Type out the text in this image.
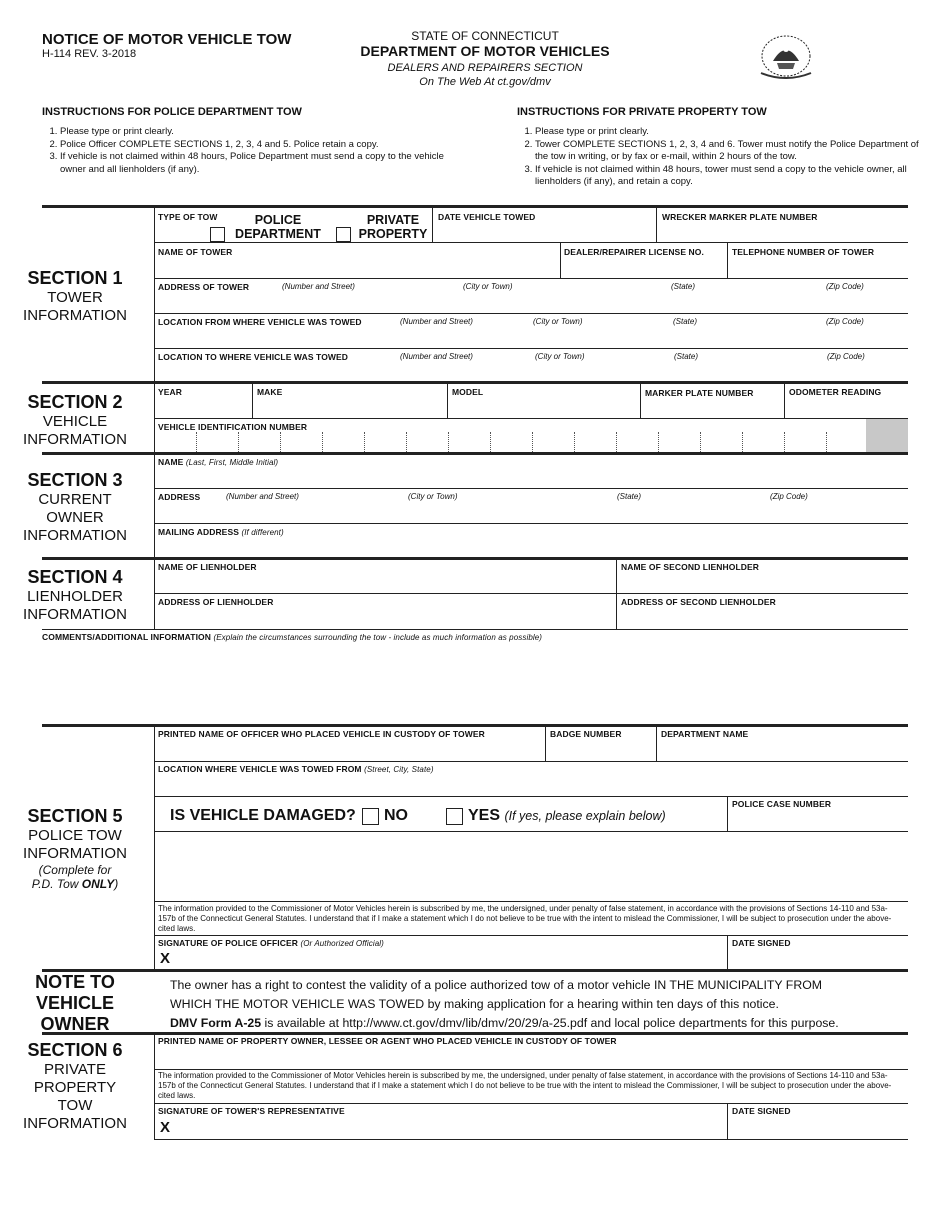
NOTICE OF MOTOR VEHICLE TOW
H-114 REV. 3-2018
STATE OF CONNECTICUT
DEPARTMENT OF MOTOR VEHICLES
DEALERS AND REPAIRERS SECTION
On The Web At ct.gov/dmv
INSTRUCTIONS FOR POLICE DEPARTMENT TOW
1. Please type or print clearly.
2. Police Officer COMPLETE SECTIONS 1, 2, 3, 4 and 5. Police retain a copy.
3. If vehicle is not claimed within 48 hours, Police Department must send a copy to the vehicle owner and all lienholders (if any).
INSTRUCTIONS FOR PRIVATE PROPERTY TOW
1. Please type or print clearly.
2. Tower COMPLETE SECTIONS 1, 2, 3, 4 and 6. Tower must notify the Police Department of the tow in writing, or by fax or e-mail, within 2 hours of the tow.
3. If vehicle is not claimed within 48 hours, tower must send a copy to the vehicle owner, all lienholders (if any), and retain a copy.
SECTION 1
TOWER
INFORMATION
TYPE OF TOW	POLICE
DEPARTMENT
PRIVATE
PROPERTY
DATE VEHICLE TOWED	WRECKER MARKER PLATE NUMBER
NAME OF TOWER	DEALER/REPAIRER LICENSE NO.	TELEPHONE NUMBER OF TOWER
ADDRESS OF TOWER	(Number and Street)	(City or Town)	(State)	(Zip Code)
LOCATION FROM WHERE VEHICLE WAS TOWED	(Number and Street)	(City or Town)	(State)	(Zip Code)
LOCATION TO WHERE VEHICLE WAS TOWED	(Number and Street)	(City or Town)	(State)	(Zip Code)
SECTION 2
VEHICLE
INFORMATION
YEAR	MAKE	MODEL	MARKER PLATE NUMBER	ODOMETER READING
VEHICLE IDENTIFICATION NUMBER
SECTION 3
CURRENT
OWNER
INFORMATION
NAME (Last, First, Middle Initial)
ADDRESS	(Number and Street)	(City or Town)	(State)	(Zip Code)
MAILING ADDRESS (If different)
SECTION 4
LIENHOLDER
INFORMATION
NAME OF LIENHOLDER	NAME OF SECOND LIENHOLDER
ADDRESS OF LIENHOLDER	ADDRESS OF SECOND LIENHOLDER
COMMENTS/ADDITIONAL INFORMATION (Explain the circumstances surrounding the tow - include as much information as possible)
SECTION 5
POLICE TOW
INFORMATION
(Complete for
P.D. Tow ONLY)
PRINTED NAME OF OFFICER WHO PLACED VEHICLE IN CUSTODY OF TOWER	BADGE NUMBER	DEPARTMENT NAME
LOCATION WHERE VEHICLE WAS TOWED FROM (Street, City, State)
IS VEHICLE DAMAGED? NO	YES (If yes, please explain below)
POLICE CASE NUMBER
The information provided to the Commissioner of Motor Vehicles herein is subscribed by me, the undersigned, under penalty of false statement, in accordance with the provisions of Sections 14-110 and 53a-157b of the Connecticut General Statutes. I understand that if I make a statement which I do not believe to be true with the intent to mislead the Commissioner, I will be subject to prosecution under the above-cited laws.
SIGNATURE OF POLICE OFFICER (Or Authorized Official)
X
DATE SIGNED
NOTE TO
VEHICLE
OWNER
The owner has a right to contest the validity of a police authorized tow of a motor vehicle IN THE MUNICIPALITY FROM
WHICH THE MOTOR VEHICLE WAS TOWED by making application for a hearing within ten days of this notice.
DMV Form A-25 is available at http://www.ct.gov/dmv/lib/dmv/20/29/a-25.pdf and local police departments for this purpose.
SECTION 6
PRIVATE
PROPERTY
TOW
INFORMATION
PRINTED NAME OF PROPERTY OWNER, LESSEE OR AGENT WHO PLACED VEHICLE IN CUSTODY OF TOWER
The information provided to the Commissioner of Motor Vehicles herein is subscribed by me, the undersigned, under penalty of false statement, in accordance with the provisions of Sections 14-110 and 53a-157b of the Connecticut General Statutes. I understand that if I make a statement which I do not believe to be true with the intent to mislead the Commissioner, I will be subject to prosecution under the above-cited laws.
SIGNATURE OF TOWER'S REPRESENTATIVE
X
DATE SIGNED
